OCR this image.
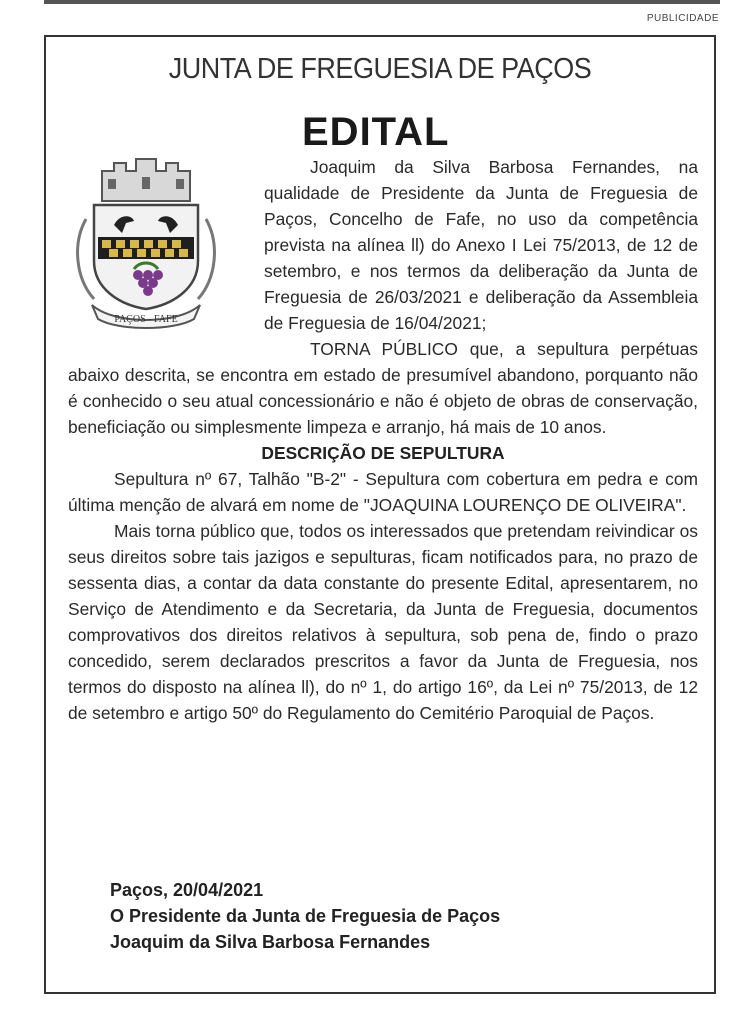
PUBLICIDADE
JUNTA DE FREGUESIA DE PAÇOS
EDITAL
PAÇOS - FAFE

Joaquim da Silva Barbosa Fernandes, na qualidade de Presidente da Junta de Freguesia de Paços, Concelho de Fafe, no uso da competência prevista na alínea ll) do Anexo I Lei 75/2013, de 12 de setembro, e nos termos da deliberação da Junta de Freguesia de 26/03/2021 e deliberação da Assembleia de Freguesia de 16/04/2021;

TORNA PÚBLICO que, a sepultura perpétuas abaixo descrita, se encontra em estado de presumível abandono, porquanto não é conhecido o seu atual concessionário e não é objeto de obras de conservação, beneficiação ou simplesmente limpeza e arranjo, há mais de 10 anos.

DESCRIÇÃO DE SEPULTURA

Sepultura nº 67, Talhão "B-2" - Sepultura com cobertura em pedra e com última menção de alvará em nome de "JOAQUINA LOURENÇO DE OLIVEIRA".

Mais torna público que, todos os interessados que pretendam reivindicar os seus direitos sobre tais jazigos e sepulturas, ficam notificados para, no prazo de sessenta dias, a contar da data constante do presente Edital, apresentarem, no Serviço de Atendimento e da Secretaria, da Junta de Freguesia, documentos comprovativos dos direitos relativos à sepultura, sob pena de, findo o prazo concedido, serem declarados prescritos a favor da Junta de Freguesia, nos termos do disposto na alínea ll), do nº 1, do artigo 16º, da Lei nº 75/2013, de 12 de setembro e artigo 50º do Regulamento do Cemitério Paroquial de Paços.

Paços, 20/04/2021
O Presidente da Junta de Freguesia de Paços
Joaquim da Silva Barbosa Fernandes
